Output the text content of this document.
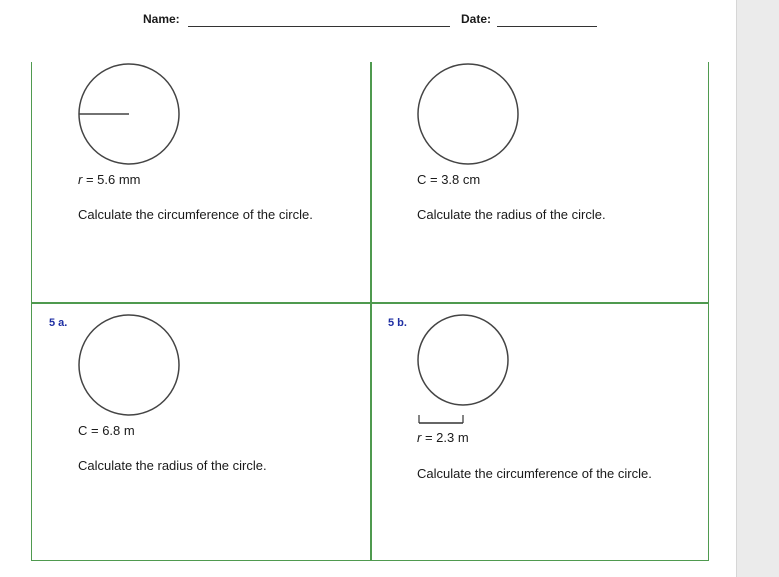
Name:	Date:
r = 5.6 mm
Calculate the circumference of the circle.
C = 3.8 cm
Calculate the radius of the circle.
5 a.
C = 6.8 m
Calculate the radius of the circle.
5 b.
r = 2.3 m
Calculate the circumference of the circle.
